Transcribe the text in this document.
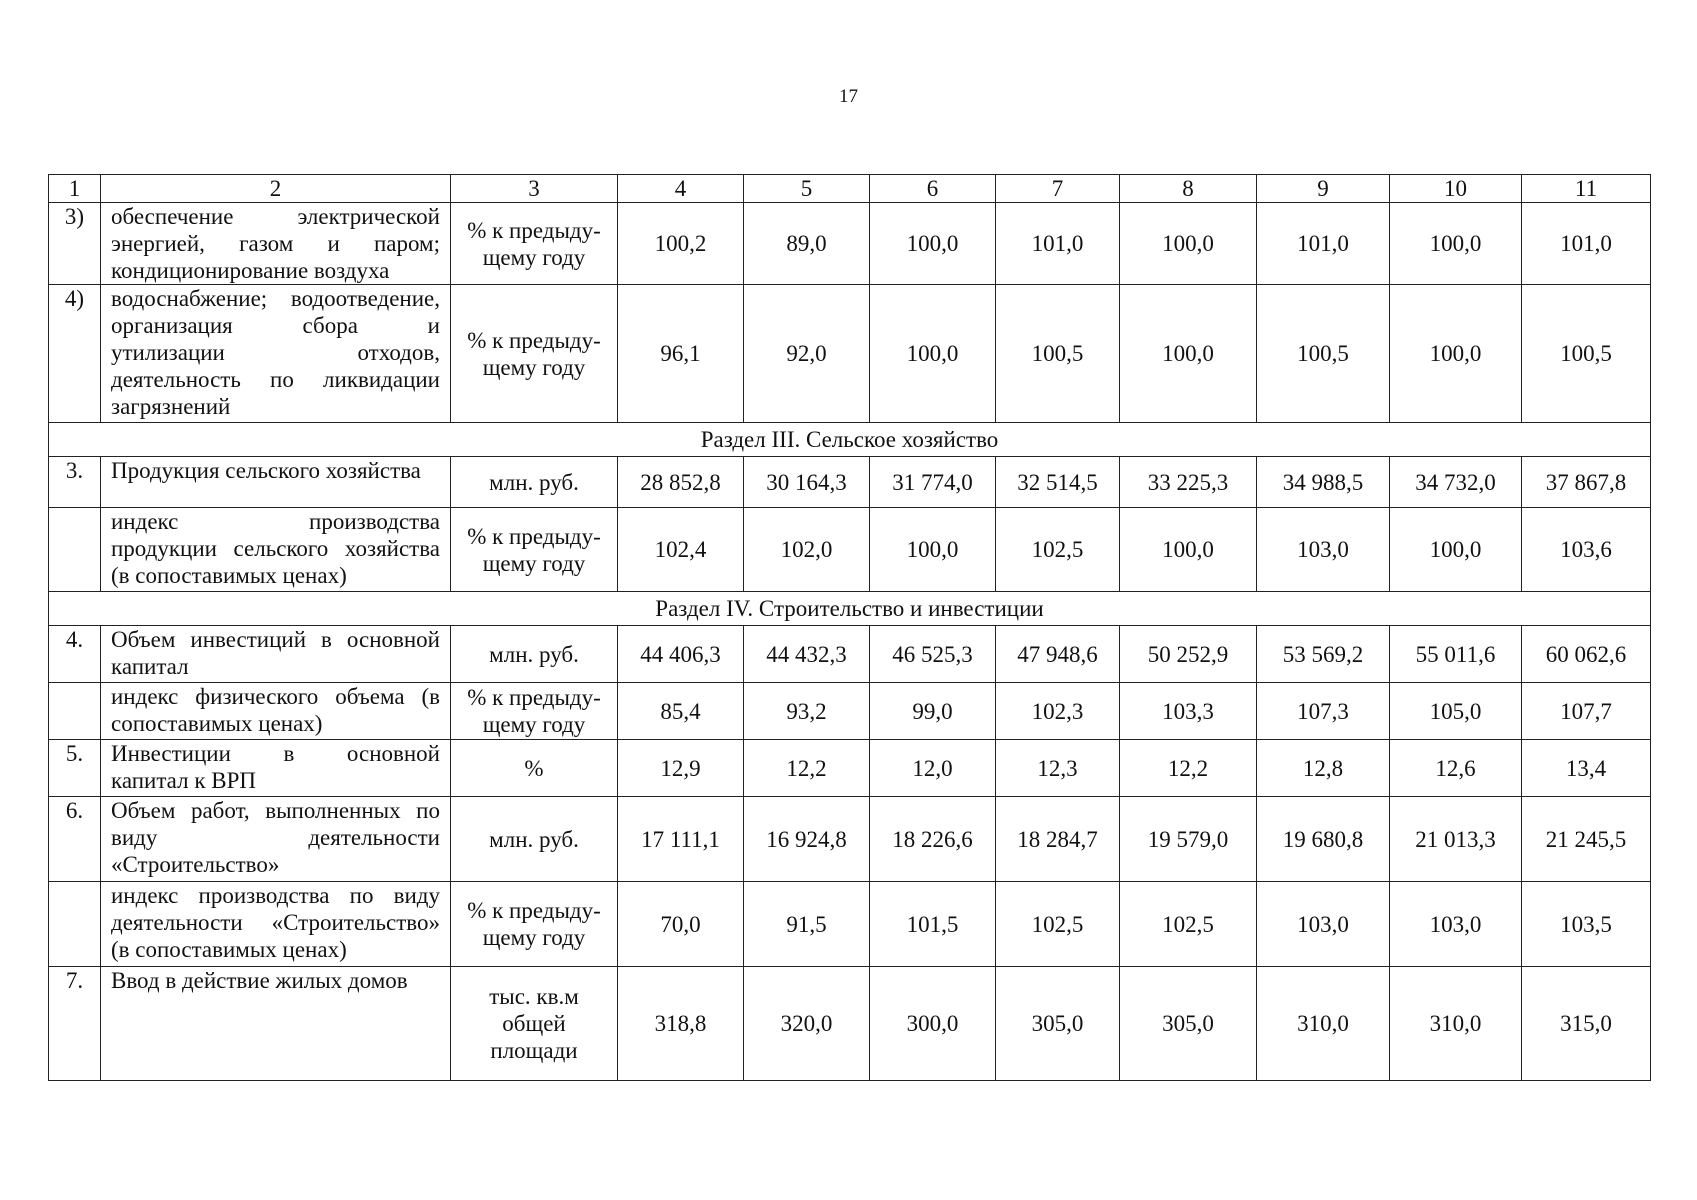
17
1	2	3	4	5	6	7	8	9	10	11
3)	обеспечение электрической
энергией, газом и паром;
кондиционирование воздуха	% к предыду-
щему году	100,2	89,0	100,0	101,0	100,0	101,0	100,0	101,0
4)	водоснабжение; водоотведение,
организация сбора и
утилизации отходов,
деятельность по ликвидации
загрязнений	% к предыду-
щему году	96,1	92,0	100,0	100,5	100,0	100,5	100,0	100,5
Раздел III. Сельское хозяйство										
3.	Продукция сельского хозяйства	млн. руб.	28 852,8	30 164,3	31 774,0	32 514,5	33 225,3	34 988,5	34 732,0	37 867,8

	индекс производства
продукции сельского хозяйства
(в сопоставимых ценах)	% к предыду-
щему году	102,4	102,0	100,0	102,5	100,0	103,0	100,0	103,6
Раздел IV. Строительство и инвестиции										
4.	Объем инвестиций в основной
капитал	млн. руб.	44 406,3	44 432,3	46 525,3	47 948,6	50 252,9	53 569,2	55 011,6	60 062,6

	индекс физического объема (в
сопоставимых ценах)	% к предыду-
щему году	85,4	93,2	99,0	102,3	103,3	107,3	105,0	107,7
5.	Инвестиции в основной
капитал к ВРП	%	12,9	12,2	12,0	12,3	12,2	12,8	12,6	13,4
6.	Объем работ, выполненных по
виду деятельности
«Строительство»	млн. руб.	17 111,1	16 924,8	18 226,6	18 284,7	19 579,0	19 680,8	21 013,3	21 245,5

	индекс производства по виду
деятельности «Строительство»
(в сопоставимых ценах)	% к предыду-
щему году	70,0	91,5	101,5	102,5	102,5	103,0	103,0	103,5
7.	Ввод в действие жилых домов	тыс. кв.м
общей
площади	318,8	320,0	300,0	305,0	305,0	310,0	310,0	315,0
